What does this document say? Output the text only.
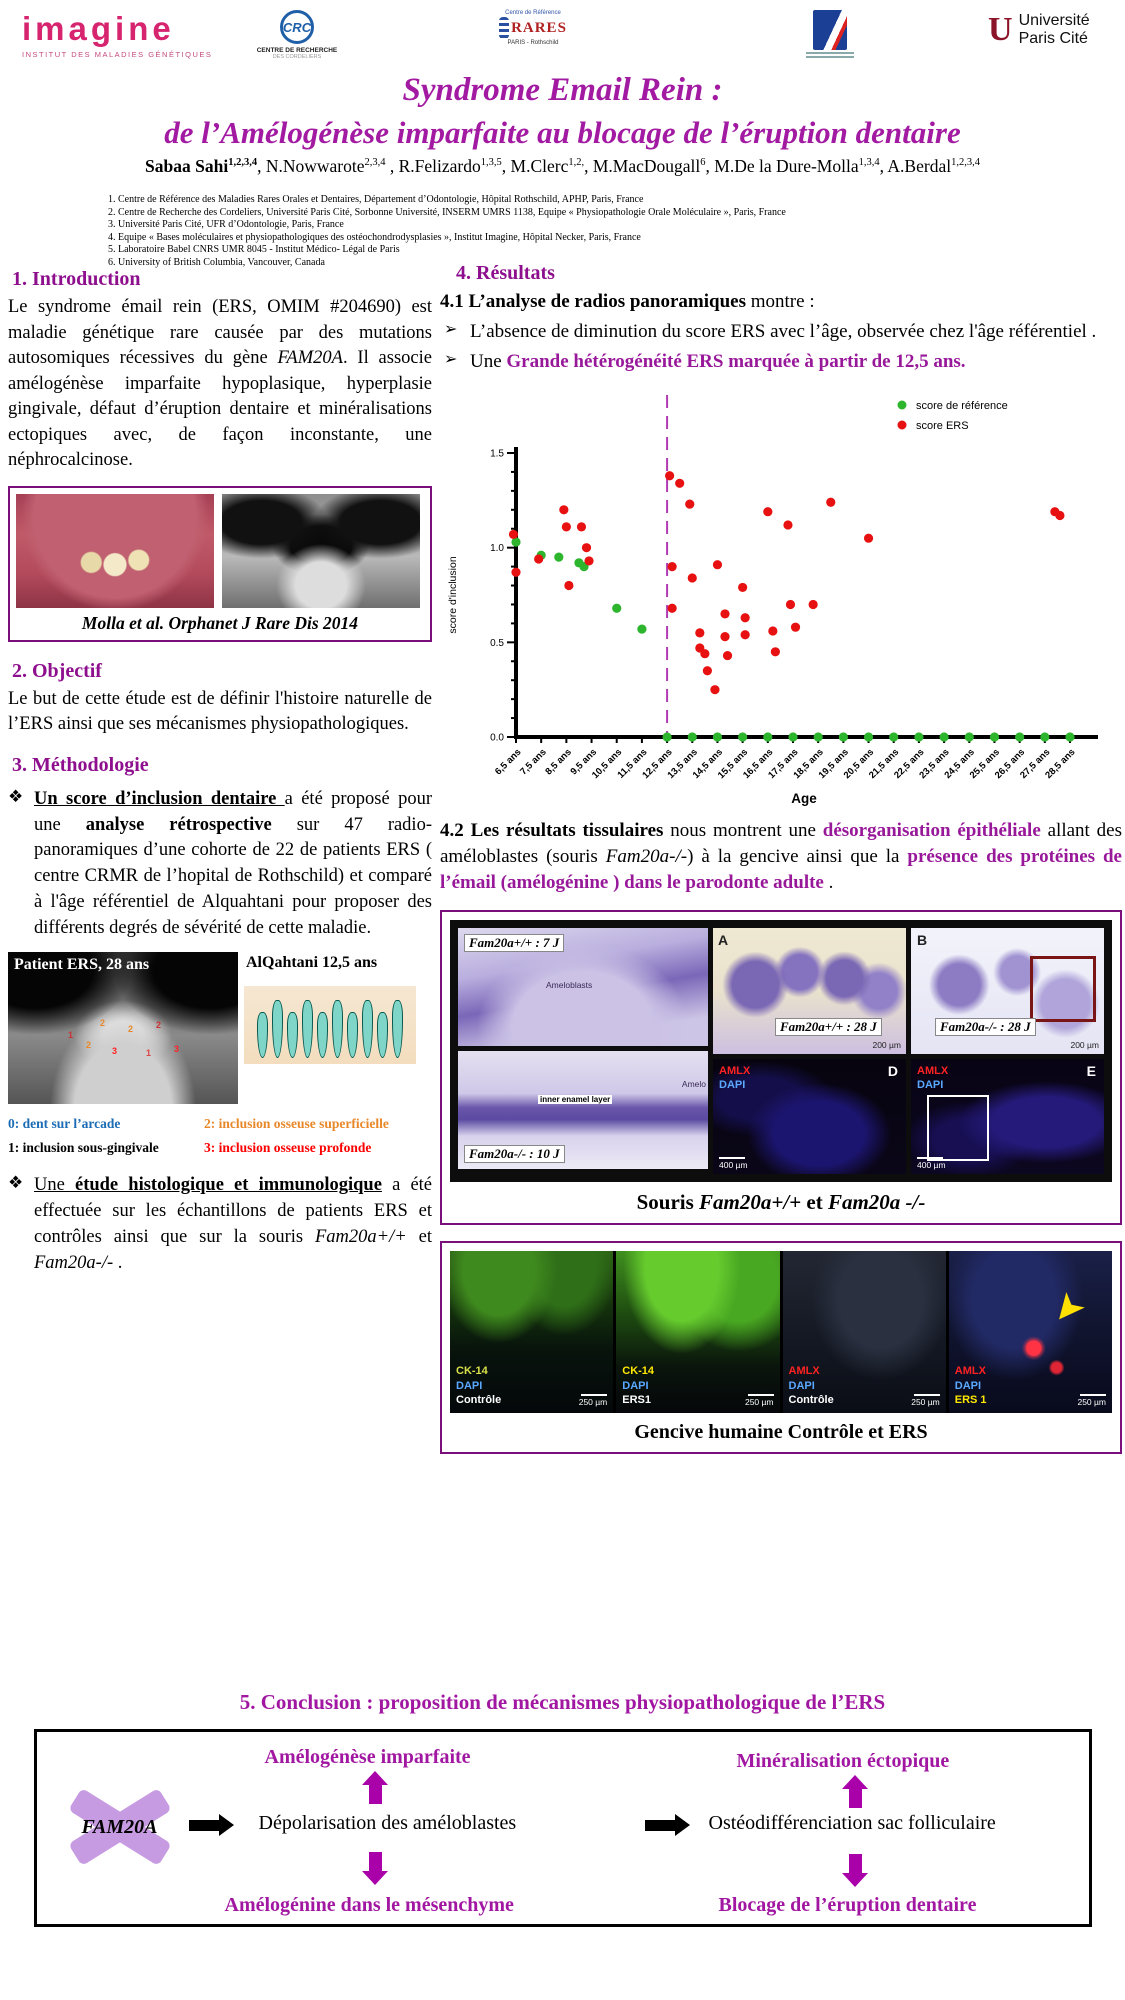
imagine
INSTITUT DES MALADIES GÉNÉTIQUES
CRC
CENTRE DE RECHERCHE
DES CORDELIERS
Centre de Référence
RARES
PARIS - Rothschild	U Université
Paris Cité
Syndrome Email Rein :
de l’Amélogénèse imparfaite au blocage de l’éruption dentaire
Sabaa Sahi$^{1,2,3,4}$, N.Nowwarote$^{2,3,4}$ , R.Felizardo$^{1,3,5}$, M.Clerc$^{1,2,}$, M.MacDougall$^6$, M.De la Dure-Molla$^{1,3,4}$, A.Berdal$^{1,2,3,4}$
1. Centre de Référence des Maladies Rares Orales et Dentaires, Département d’Odontologie, Hôpital Rothschild, APHP, Paris, France
2. Centre de Recherche des Cordeliers, Université Paris Cité, Sorbonne Université, INSERM UMRS 1138, Equipe « Physiopathologie Orale Moléculaire », Paris, France
3. Université Paris Cité, UFR d’Odontologie, Paris, France
4. Equipe « Bases moléculaires et physiopathologiques des ostéochondrodysplasies », Institut Imagine, Hôpital Necker, Paris, France
5. Laboratoire Babel CNRS UMR 8045 - Institut Médico- Légal de Paris
6. University of British Columbia, Vancouver, Canada
1. Introduction

Le syndrome émail rein (ERS, OMIM #204690) est maladie génétique rare causée par des mutations autosomiques récessives du gène FAM20A. Il associe amélogénèse imparfaite hypoplasique, hyperplasie gingivale, défaut d’éruption dentaire et minéralisations ectopiques avec, de façon inconstante, une néphrocalcinose.

Molla et al. Orphanet J Rare Dis 2014
2. Objectif

Le but de cette étude est de définir l'histoire naturelle de l’ERS ainsi que ses mécanismes physiopathologiques.

3. Méthodologie
❖ Un score d’inclusion dentaire a été proposé pour une analyse rétrospective sur 47 radio-panoramiques d’une cohorte de 22 de patients ERS ( centre CRMR de l’hopital de Rothschild) et comparé à l'âge référentiel de Alquahtani pour proposer des différents degrés de sévérité de cette maladie.
Patient ERS, 28 ans
2
2	2
3	1
2	3
1
AlQahtani 12,5 ans
0: dent sur l’arcade	2: inclusion osseuse superficielle
1: inclusion sous-gingivale	3: inclusion osseuse profonde
❖ Une étude histologique et immunologique a été effectuée sur les échantillons de patients ERS et contrôles ainsi que sur la souris Fam20a+/+ et Fam20a-/- .
4. Résultats

4.1 L’analyse de radios panoramiques montre :

➢ L’absence de diminution du score ERS avec l’âge, observée chez l'âge référentiel .
➢ Une Grande hétérogénéité ERS marquée à partir de 12,5 ans.
0.0
0.5
1.0
1.5
6,5 ans
7,5 ans
8,5 ans
9,5 ans
10,5 ans
11,5 ans
12,5 ans
13,5 ans
14,5 ans
15,5 ans
16,5 ans
17,5 ans
18,5 ans
19,5 ans
20,5 ans
21,5 ans
22,5 ans
23,5 ans
24,5 ans
25,5 ans
26,5 ans
27,5 ans
28,5 ans
score de référence
score ERS
Age
score d'inclusion

4.2 Les résultats tissulaires nous montrent une désorganisation épithéliale allant des améloblastes (souris Fam20a-/-) à la gencive ainsi que la présence des protéines de l’émail (amélogénine ) dans le parodonte adulte .

Fam20a+/+ : 7 J
Ameloblasts
Amelo
inner enamel layer
Fam20a-/- : 10 J
A
Fam20a+/+ : 28 J
200 µm
B
Fam20a-/- : 28 J
200 µm
AMLX
DAPI
D
400 µm
AMLX
DAPI
E
400 µm
Souris Fam20a+/+ et Fam20a -/-
CK-14
DAPI
Contrôle	250 µm
CK-14
DAPI
ERS1	250 µm
AMLX
DAPI
Contrôle	250 µm
➤
AMLX
DAPI
ERS 1	250 µm
Gencive humaine Contrôle et ERS
5. Conclusion : proposition de mécanismes physiopathologique de l’ERS
FAM20A
Amélogénèse imparfaite	Minéralisation éctopique
Dépolarisation des améloblastes	Ostéodifférenciation sac folliculaire
Amélogénine dans le mésenchyme	Blocage de l’éruption dentaire
